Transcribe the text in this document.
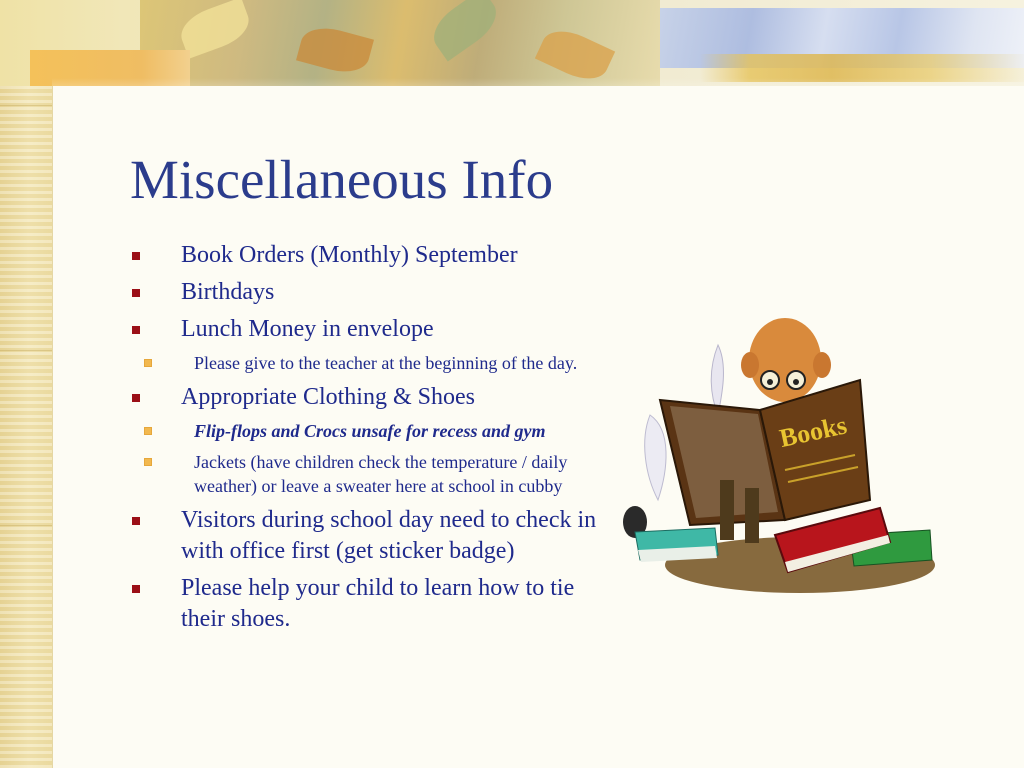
Miscellaneous Info
Book Orders (Monthly) September
Birthdays
Lunch Money in envelope
Please give to the teacher at the beginning of the day.
Appropriate Clothing & Shoes
Flip-flops and Crocs unsafe for recess and gym
Jackets (have children check the temperature / daily weather) or leave a sweater here at school in cubby
Visitors during school day need to check in with office first (get sticker badge)
Please help your child to learn how to tie their shoes.
Books
